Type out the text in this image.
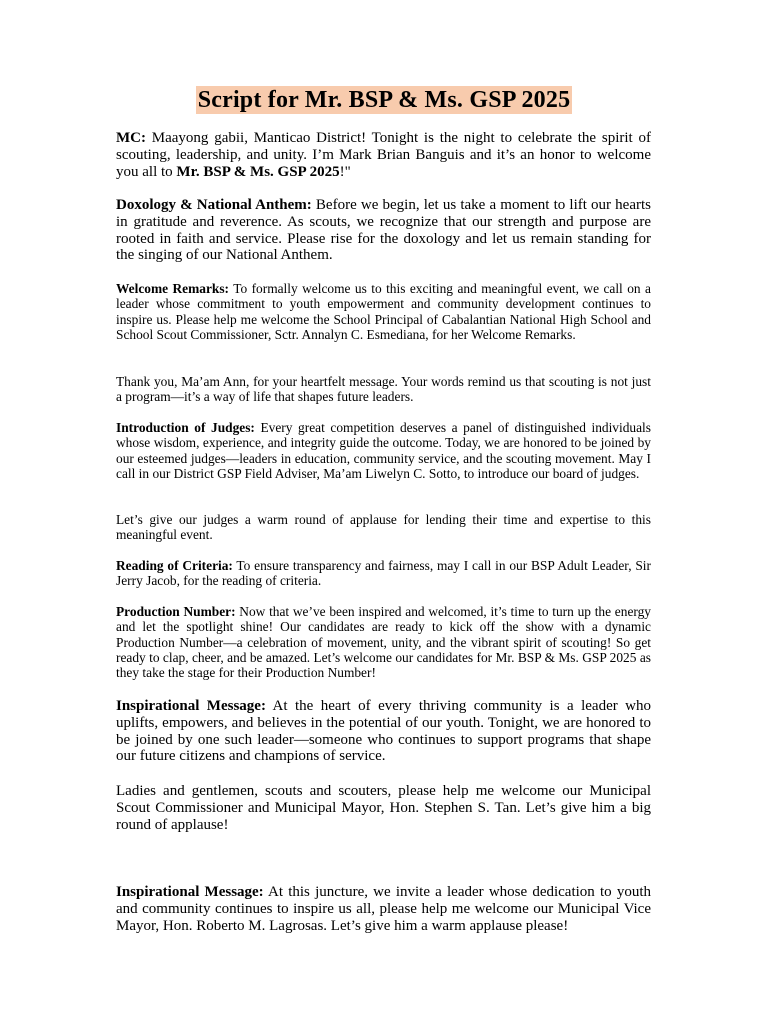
Script for Mr. BSP & Ms. GSP 2025

MC: Maayong gabii, Manticao District! Tonight is the night to celebrate the spirit of scouting, leadership, and unity. I’m Mark Brian Banguis and it’s an honor to welcome you all to Mr. BSP & Ms. GSP 2025!"

Doxology & National Anthem: Before we begin, let us take a moment to lift our hearts in gratitude and reverence. As scouts, we recognize that our strength and purpose are rooted in faith and service. Please rise for the doxology and let us remain standing for the singing of our National Anthem.

Welcome Remarks: To formally welcome us to this exciting and meaningful event, we call on a leader whose commitment to youth empowerment and community development continues to inspire us. Please help me welcome the School Principal of Cabalantian National High School and School Scout Commissioner, Sctr. Annalyn C. Esmediana, for her Welcome Remarks.

Thank you, Ma’am Ann, for your heartfelt message. Your words remind us that scouting is not just a program—it’s a way of life that shapes future leaders.

Introduction of Judges: Every great competition deserves a panel of distinguished individuals whose wisdom, experience, and integrity guide the outcome. Today, we are honored to be joined by our esteemed judges—leaders in education, community service, and the scouting movement. May I call in our District GSP Field Adviser, Ma’am Liwelyn C. Sotto, to introduce our board of judges.

Let’s give our judges a warm round of applause for lending their time and expertise to this meaningful event.

Reading of Criteria: To ensure transparency and fairness, may I call in our BSP Adult Leader, Sir Jerry Jacob, for the reading of criteria.

Production Number: Now that we’ve been inspired and welcomed, it’s time to turn up the energy and let the spotlight shine! Our candidates are ready to kick off the show with a dynamic Production Number—a celebration of movement, unity, and the vibrant spirit of scouting! So get ready to clap, cheer, and be amazed. Let’s welcome our candidates for Mr. BSP & Ms. GSP 2025 as they take the stage for their Production Number!

Inspirational Message: At the heart of every thriving community is a leader who uplifts, empowers, and believes in the potential of our youth. Tonight, we are honored to be joined by one such leader—someone who continues to support programs that shape our future citizens and champions of service.

Ladies and gentlemen, scouts and scouters, please help me welcome our Municipal Scout Commissioner and Municipal Mayor, Hon. Stephen S. Tan. Let’s give him a big round of applause!

Inspirational Message: At this juncture, we invite a leader whose dedication to youth and community continues to inspire us all, please help me welcome our Municipal Vice Mayor, Hon. Roberto M. Lagrosas. Let’s give him a warm applause please!
